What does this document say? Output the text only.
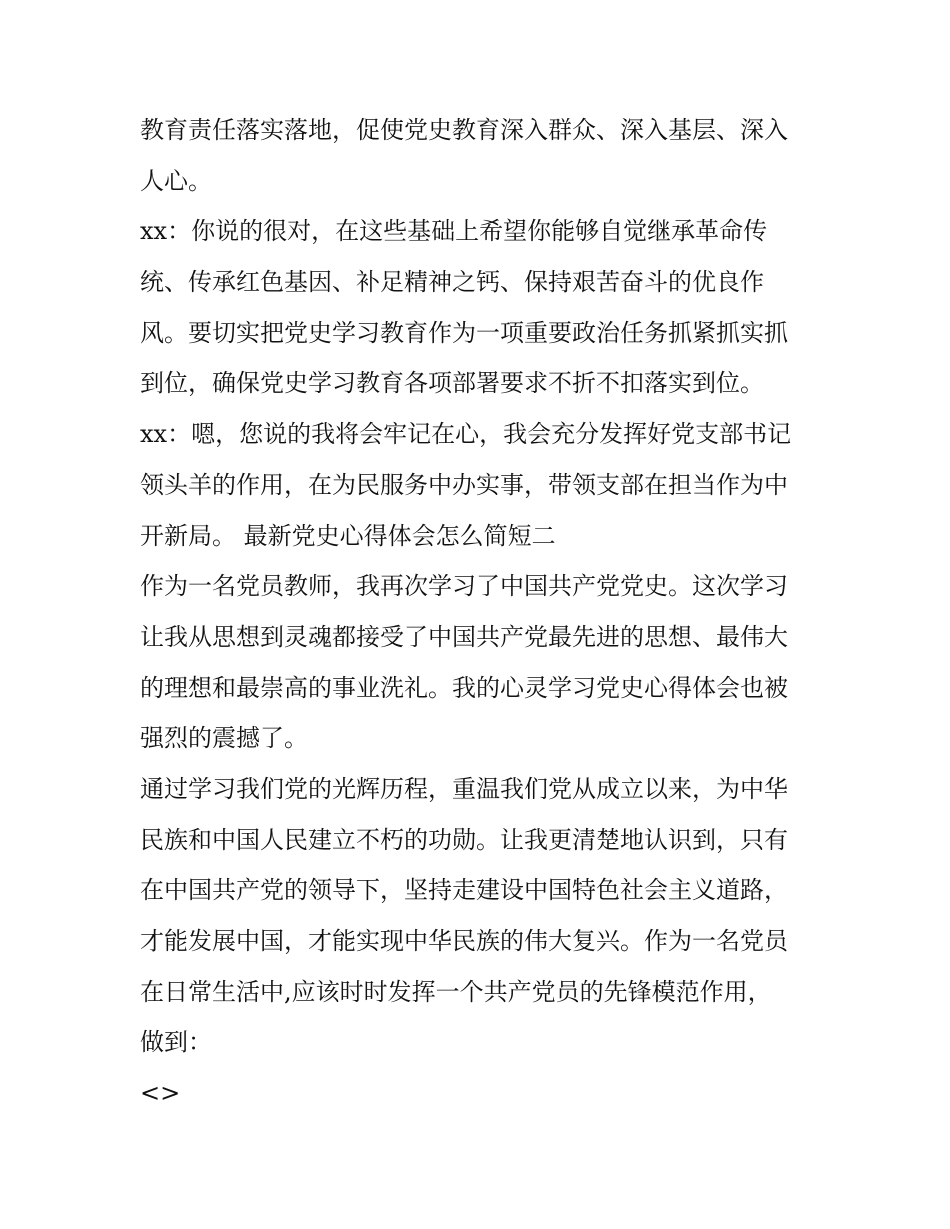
教育责任落实落地，促使党史教育深入群众、深入基层、深入
人心。
xx：你说的很对，在这些基础上希望你能够自觉继承革命传
统、传承红色基因、补足精神之钙、保持艰苦奋斗的优良作
风。要切实把党史学习教育作为一项重要政治任务抓紧抓实抓
到位，确保党史学习教育各项部署要求不折不扣落实到位。
xx：嗯，您说的我将会牢记在心，我会充分发挥好党支部书记
领头羊的作用，在为民服务中办实事，带领支部在担当作为中
开新局。 最新党史心得体会怎么简短二
作为一名党员教师，我再次学习了中国共产党党史。这次学习
让我从思想到灵魂都接受了中国共产党最先进的思想、最伟大
的理想和最崇高的事业洗礼。我的心灵学习党史心得体会也被
强烈的震撼了。
通过学习我们党的光辉历程，重温我们党从成立以来，为中华
民族和中国人民建立不朽的功勋。让我更清楚地认识到，只有
在中国共产党的领导下，坚持走建设中国特色社会主义道路，
才能发展中国，才能实现中华民族的伟大复兴。作为一名党员
在日常生活中,应该时时发挥一个共产党员的先锋模范作用，
做到：
<>
